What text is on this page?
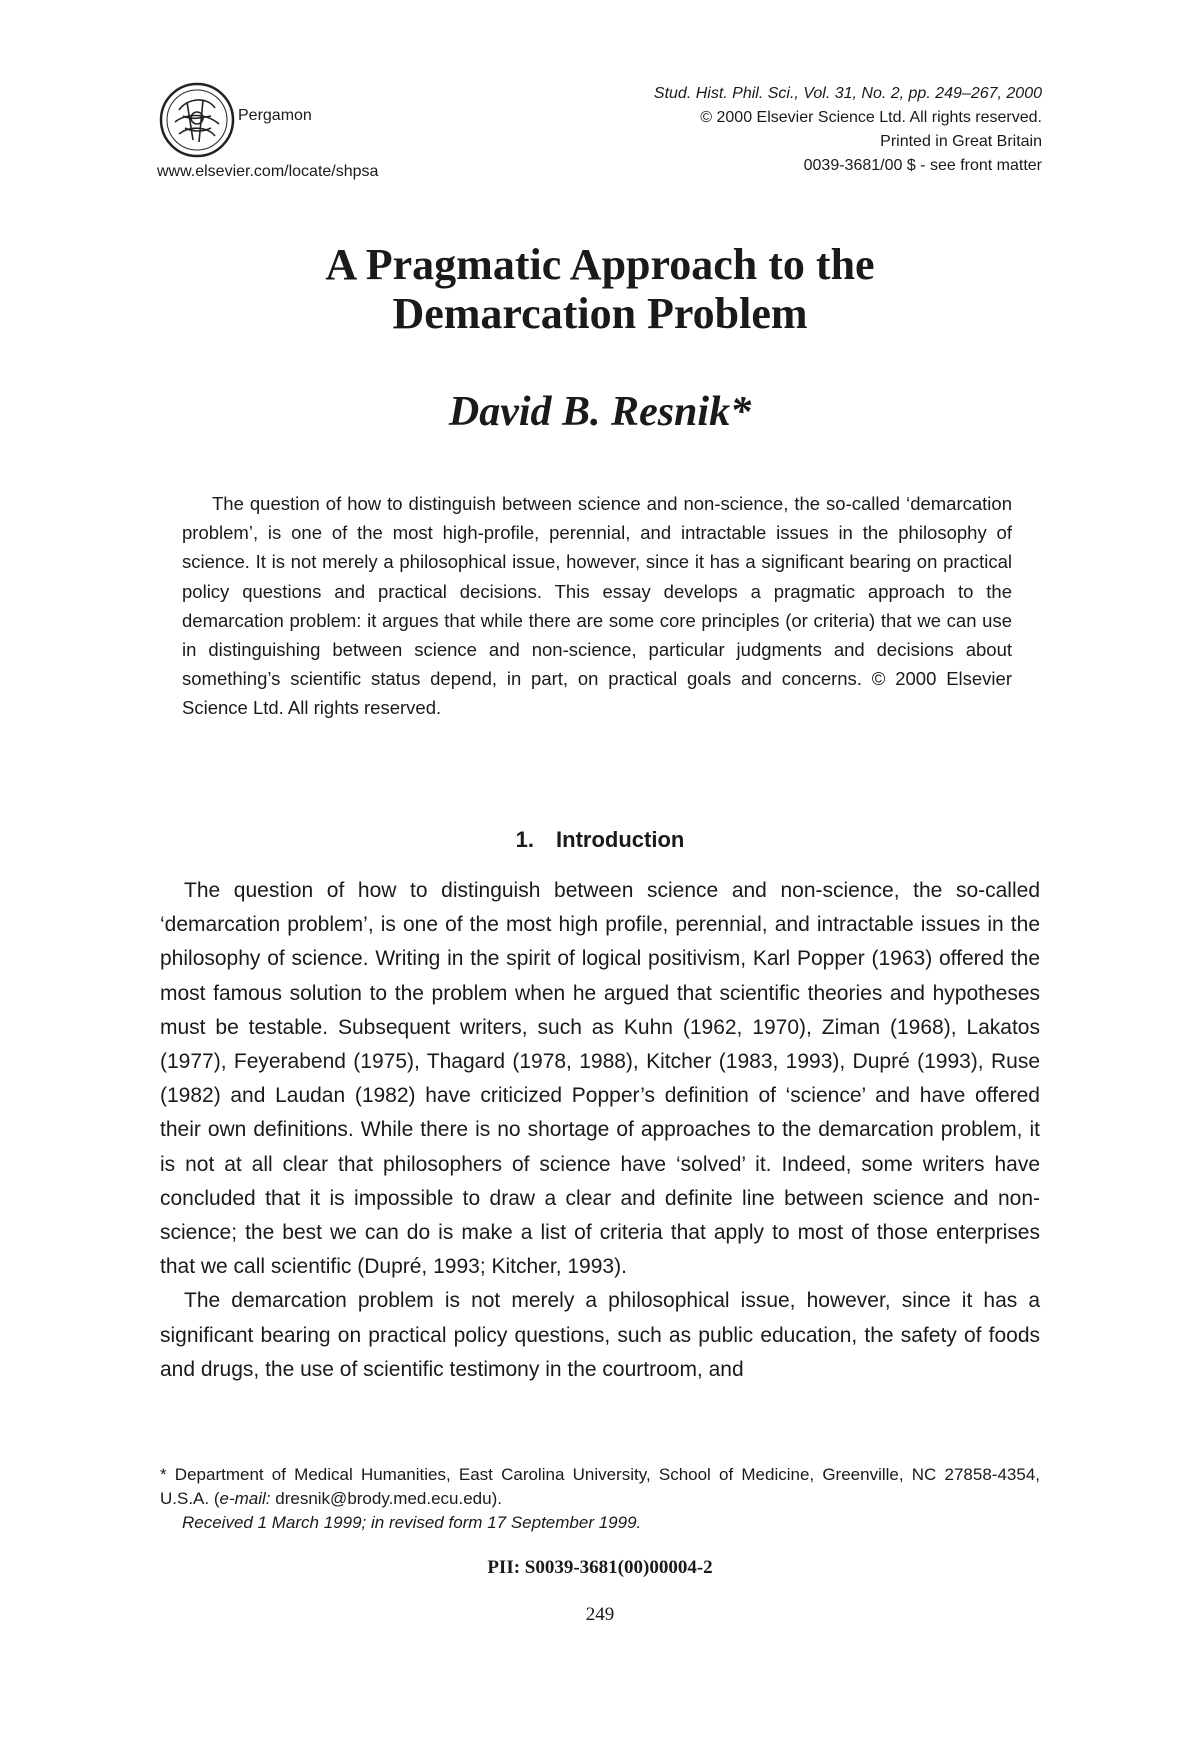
Pergamon
www.elsevier.com/locate/shpsa
Stud. Hist. Phil. Sci., Vol. 31, No. 2, pp. 249–267, 2000
© 2000 Elsevier Science Ltd. All rights reserved.
Printed in Great Britain
0039-3681/00 $ - see front matter
A Pragmatic Approach to the
Demarcation Problem
David B. Resnik*

The question of how to distinguish between science and non-science, the so-called ‘demarcation problem’, is one of the most high-profile, perennial, and intractable issues in the philosophy of science. It is not merely a philosophical issue, however, since it has a significant bearing on practical policy questions and practical decisions. This essay develops a pragmatic approach to the demarcation problem: it argues that while there are some core principles (or criteria) that we can use in distinguishing between science and non-science, particular judgments and decisions about something’s scientific status depend, in part, on practical goals and concerns. © 2000 Elsevier Science Ltd. All rights reserved.

1. Introduction

The question of how to distinguish between science and non-science, the so-called ‘demarcation problem’, is one of the most high profile, perennial, and intractable issues in the philosophy of science. Writing in the spirit of logical positivism, Karl Popper (1963) offered the most famous solution to the problem when he argued that scientific theories and hypotheses must be testable. Subsequent writers, such as Kuhn (1962, 1970), Ziman (1968), Lakatos (1977), Feyerabend (1975), Thagard (1978, 1988), Kitcher (1983, 1993), Dupré (1993), Ruse (1982) and Laudan (1982) have criticized Popper’s definition of ‘science’ and have offered their own definitions. While there is no shortage of approaches to the demarcation problem, it is not at all clear that philosophers of science have ‘solved’ it. Indeed, some writers have concluded that it is impossible to draw a clear and definite line between science and non-science; the best we can do is make a list of criteria that apply to most of those enterprises that we call scientific (Dupré, 1993; Kitcher, 1993).

The demarcation problem is not merely a philosophical issue, however, since it has a significant bearing on practical policy questions, such as public education, the safety of foods and drugs, the use of scientific testimony in the courtroom, and

* Department of Medical Humanities, East Carolina University, School of Medicine, Greenville, NC 27858-4354, U.S.A. (e-mail: dresnik@brody.med.ecu.edu).

Received 1 March 1999; in revised form 17 September 1999.

PII: S0039-3681(00)00004-2
249
